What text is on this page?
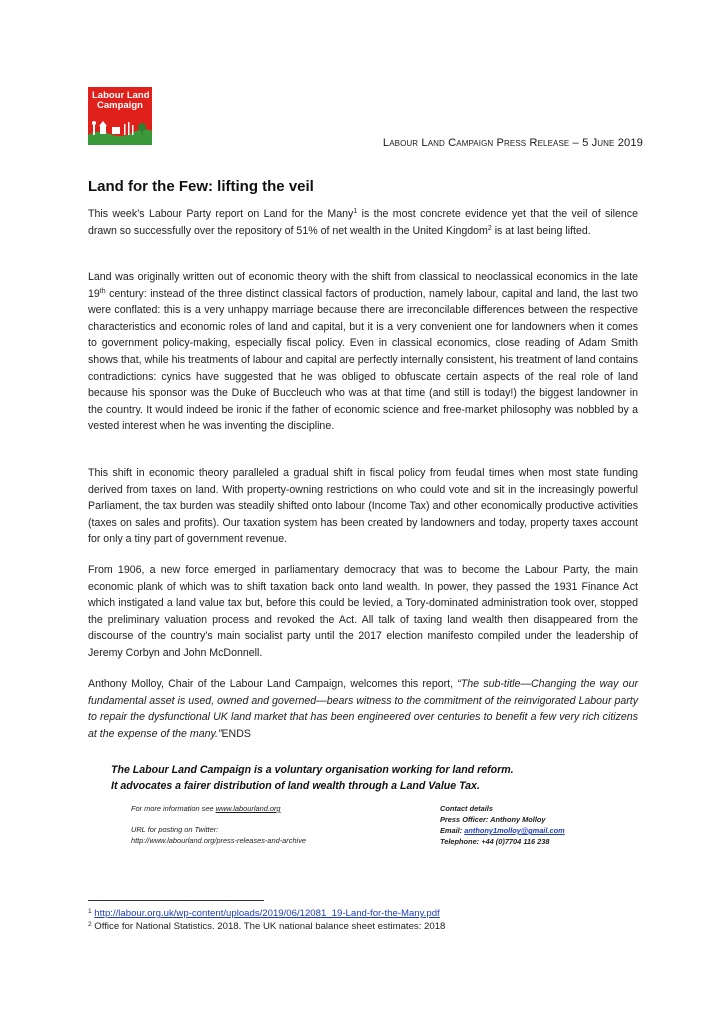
Labour Land
Campaign
Labour Land Campaign Press Release – 5 June 2019
Land for the Few: lifting the veil

This week’s Labour Party report on Land for the Many$^1$ is the most concrete evidence yet that the veil of silence drawn so successfully over the repository of 51% of net wealth in the United Kingdom$^2$ is at last being lifted.

Land was originally written out of economic theory with the shift from classical to neoclassical economics in the late 19th century: instead of the three distinct classical factors of production, namely labour, capital and land, the last two were conflated: this is a very unhappy marriage because there are irreconcilable differences between the respective characteristics and economic roles of land and capital, but it is a very convenient one for landowners when it comes to government policy-making, especially fiscal policy. Even in classical economics, close reading of Adam Smith shows that, while his treatments of labour and capital are perfectly internally consistent, his treatment of land contains contradictions: cynics have suggested that he was obliged to obfuscate certain aspects of the real role of land because his sponsor was the Duke of Buccleuch who was at that time (and still is today!) the biggest landowner in the country. It would indeed be ironic if the father of economic science and free-market philosophy was nobbled by a vested interest when he was inventing the discipline.

This shift in economic theory paralleled a gradual shift in fiscal policy from feudal times when most state funding derived from taxes on land. With property-owning restrictions on who could vote and sit in the increasingly powerful Parliament, the tax burden was steadily shifted onto labour (Income Tax) and other economically productive activities (taxes on sales and profits). Our taxation system has been created by landowners and today, property taxes account for only a tiny part of government revenue.

From 1906, a new force emerged in parliamentary democracy that was to become the Labour Party, the main economic plank of which was to shift taxation back onto land wealth. In power, they passed the 1931 Finance Act which instigated a land value tax but, before this could be levied, a Tory-dominated administration took over, stopped the preliminary valuation process and revoked the Act. All talk of taxing land wealth then disappeared from the discourse of the country’s main socialist party until the 2017 election manifesto compiled under the leadership of Jeremy Corbyn and John McDonnell.

Anthony Molloy, Chair of the Labour Land Campaign, welcomes this report, “The sub-title—Changing the way our fundamental asset is used, owned and governed—bears witness to the commitment of the reinvigorated Labour party to repair the dysfunctional UK land market that has been engineered over centuries to benefit a few very rich citizens at the expense of the many.”ENDS

The Labour Land Campaign is a voluntary organisation working for land reform.

It advocates a fairer distribution of land wealth through a Land Value Tax.

For more information see www.labourland.org

URL for posting on Twitter:

http://www.labourland.org/press-releases-and-archive

Contact details

Press Officer: Anthony Molloy

Email: anthony1molloy@gmail.com

Telephone: +44 (0)7704 116 238

$^1$ http://labour.org.uk/wp-content/uploads/2019/06/12081_19-Land-for-the-Many.pdf

$^2$ Office for National Statistics. 2018. The UK national balance sheet estimates: 2018
